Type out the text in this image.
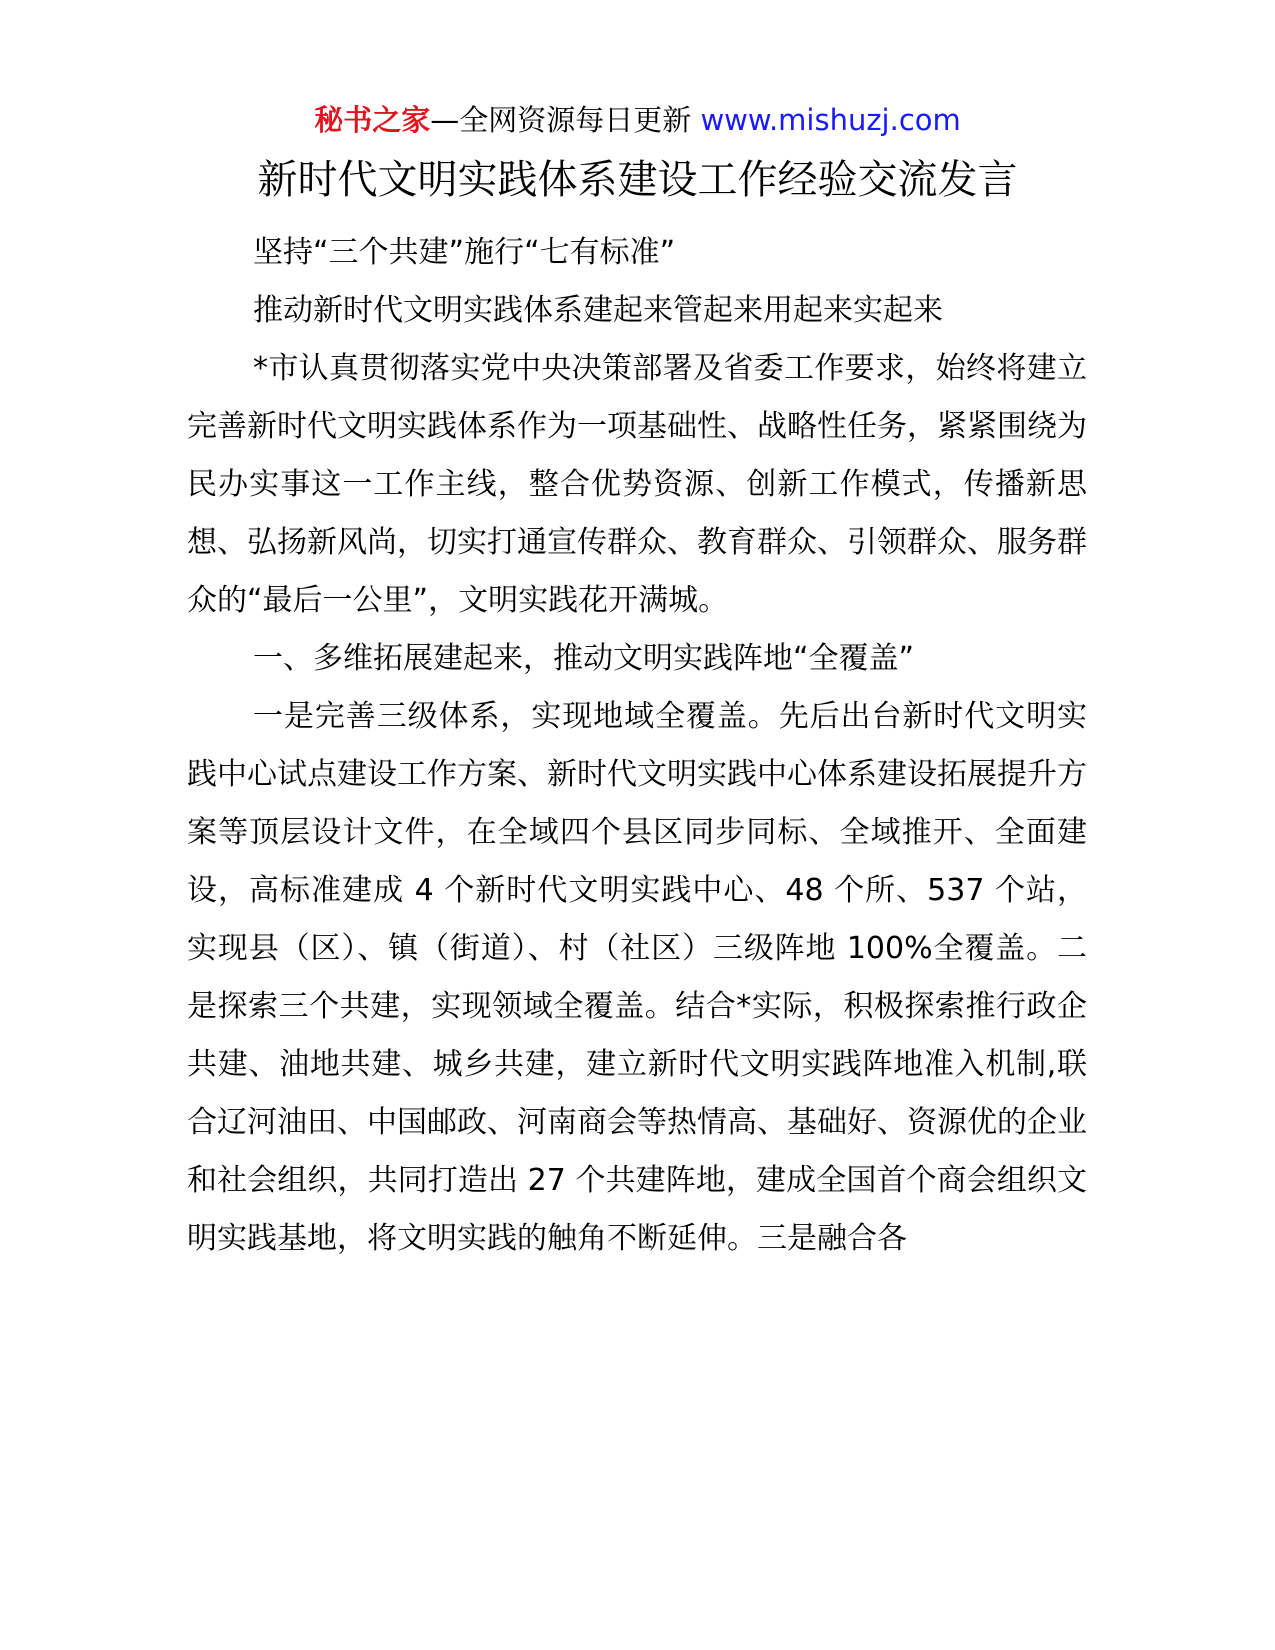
秘书之家—全网资源每日更新 www.mishuzj.com
新时代文明实践体系建设工作经验交流发言

坚持“三个共建”施行“七有标准”

推动新时代文明实践体系建起来管起来用起来实起来

*市认真贯彻落实党中央决策部署及省委工作要求，始终将建立完善新时代文明实践体系作为一项基础性、战略性任务，紧紧围绕为民办实事这一工作主线，整合优势资源、创新工作模式，传播新思想、弘扬新风尚，切实打通宣传群众、教育群众、引领群众、服务群众的“最后一公里”，文明实践花开满城。

一、多维拓展建起来，推动文明实践阵地“全覆盖”

一是完善三级体系，实现地域全覆盖。先后出台新时代文明实践中心试点建设工作方案、新时代文明实践中心体系建设拓展提升方案等顶层设计文件，在全域四个县区同步同标、全域推开、全面建设，高标准建成 4 个新时代文明实践中心、48 个所、537 个站，实现县（区）、镇（街道）、村（社区）三级阵地 100%全覆盖。二是探索三个共建，实现领域全覆盖。结合*实际，积极探索推行政企共建、油地共建、城乡共建，建立新时代文明实践阵地准入机制,联合辽河油田、中国邮政、河南商会等热情高、基础好、资源优的企业和社会组织，共同打造出 27 个共建阵地，建成全国首个商会组织文明实践基地，将文明实践的触角不断延伸。三是融合各
